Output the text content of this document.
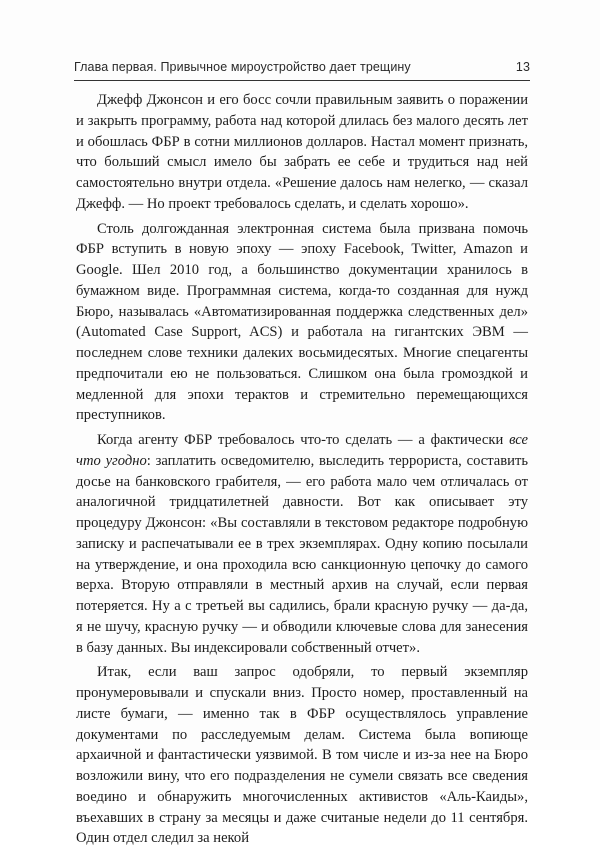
Глава первая. Привычное мироустройство дает трещину	13

Джефф Джонсон и его босс сочли правильным заявить о поражении и закрыть программу, работа над которой длилась без малого десять лет и обошлась ФБР в сотни миллионов долларов. Настал момент признать, что больший смысл имело бы забрать ее себе и трудиться над ней самостоятельно внутри отдела. «Решение далось нам нелегко, — сказал Джефф. — Но проект требовалось сделать, и сделать хорошо».

Столь долгожданная электронная система была призвана помочь ФБР вступить в новую эпоху — эпоху Facebook, Twitter, Amazon и Google. Шел 2010 год, а большинство документации хранилось в бумажном виде. Программная система, когда-то созданная для нужд Бюро, называлась «Автоматизированная поддержка следственных дел» (Automated Case Support, ACS) и работала на гигантских ЭВМ — последнем слове техники далеких восьмидесятых. Многие спецагенты предпочитали ею не пользоваться. Слишком она была громоздкой и медленной для эпохи терактов и стремительно перемещающихся преступников.

Когда агенту ФБР требовалось что-то сделать — а фактически все что угодно: заплатить осведомителю, выследить террориста, составить досье на банковского грабителя, — его работа мало чем отличалась от аналогичной тридцатилетней давности. Вот как описывает эту процедуру Джонсон: «Вы составляли в текстовом редакторе подробную записку и распечатывали ее в трех экземплярах. Одну копию посылали на утверждение, и она проходила всю санкционную цепочку до самого верха. Вторую отправляли в местный архив на случай, если первая потеряется. Ну а с третьей вы садились, брали красную ручку — да-да, я не шучу, красную ручку — и обводили ключевые слова для занесения в базу данных. Вы индексировали собственный отчет».

Итак, если ваш запрос одобряли, то первый экземпляр пронумеровывали и спускали вниз. Просто номер, проставленный на листе бумаги, — именно так в ФБР осуществлялось управление документами по расследуемым делам. Система была вопиюще архаичной и фантастически уязвимой. В том числе и из-за нее на Бюро возложили вину, что его подразделения не сумели связать все сведения воедино и обнаружить многочисленных активистов «Аль-Каиды», въехавших в страну за месяцы и даже считаные недели до 11 сентября. Один отдел следил за некой
